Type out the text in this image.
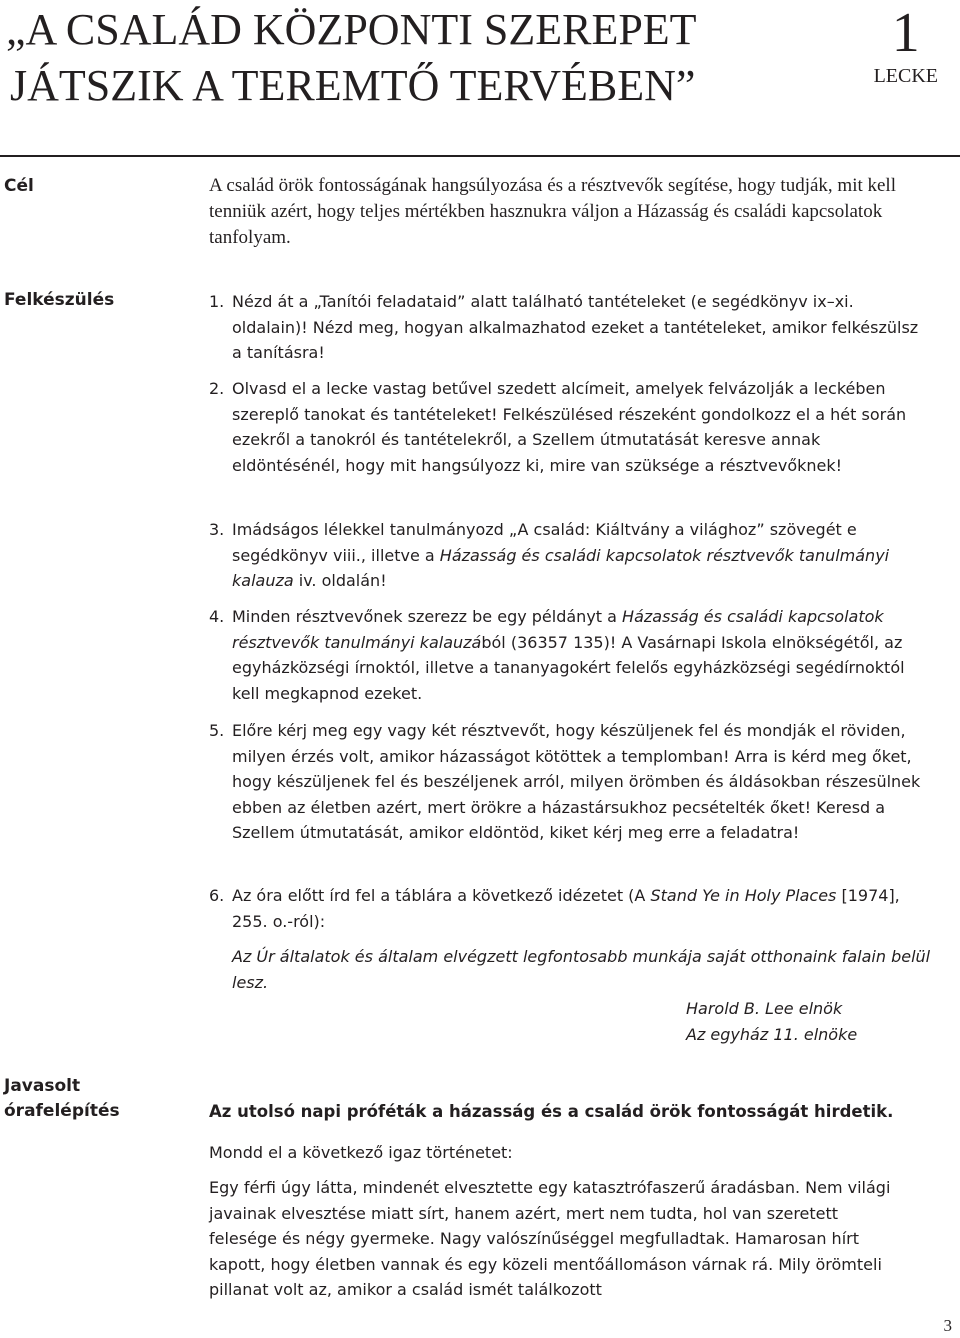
„A CSALÁD KÖZPONTI SZEREPET
JÁTSZIK A TEREMTŐ TERVÉBEN”
1
LECKE
Cél	A család örök fontosságának hangsúlyozása és a résztvevők segítése, hogy tudják, mit kell tenniük azért, hogy teljes mértékben hasznukra váljon a Házasság és családi kapcsolatok tanfolyam.
Felkészülés	1. Nézd át a „Tanítói feladataid” alatt található tantételeket (e segédkönyv ix–xi. oldalain)! Nézd meg, hogyan alkalmazhatod ezeket a tantételeket, amikor felkészülsz a tanításra!
2. Olvasd el a lecke vastag betűvel szedett alcímeit, amelyek felvázolják a leckében szereplő tanokat és tantételeket! Felkészülésed részeként gondolkozz el a hét során ezekről a tanokról és tantételekről, a Szellem útmutatását keresve annak eldöntésénél, hogy mit hangsúlyozz ki, mire van szüksége a résztvevőknek!
3. Imádságos lélekkel tanulmányozd „A család: Kiáltvány a világhoz” szövegét e segédkönyv viii., illetve a Házasság és családi kapcsolatok résztvevők tanulmányi kalauza iv. oldalán!
4. Minden résztvevőnek szerezz be egy példányt a Házasság és családi kapcsolatok résztvevők tanulmányi kalauzából (36357 135)! A Vasárnapi Iskola elnökségétől, az egyházközségi írnoktól, illetve a tananyagokért felelős egyházközségi segédírnoktól kell megkapnod ezeket.
5. Előre kérj meg egy vagy két résztvevőt, hogy készüljenek fel és mondják el röviden, milyen érzés volt, amikor házasságot kötöttek a templomban! Arra is kérd meg őket, hogy készüljenek fel és beszéljenek arról, milyen örömben és áldásokban részesülnek ebben az életben azért, mert örökre a házastársukhoz pecsételték őket! Keresd a Szellem útmutatását, amikor eldöntöd, kiket kérj meg erre a feladatra!
6. Az óra előtt írd fel a táblára a következő idézetet (A Stand Ye in Holy Places [1974], 255. o.-ról):
Az Úr általatok és általam elvégzett legfontosabb munkája saját otthonaink falain belül lesz.
Harold B. Lee elnök
Az egyház 11. elnöke
Javasolt
órafelépítés	Az utolsó napi próféták a házasság és a család örök fontosságát hirdetik.
Mondd el a következő igaz történetet:
Egy férfi úgy látta, mindenét elvesztette egy katasztrófaszerű áradásban. Nem világi javainak elvesztése miatt sírt, hanem azért, mert nem tudta, hol van szeretett felesége és négy gyermeke. Nagy valószínűséggel megfulladtak. Hamarosan hírt kapott, hogy életben vannak és egy közeli mentőállomáson várnak rá. Mily örömteli pillanat volt az, amikor a család ismét találkozott
3
